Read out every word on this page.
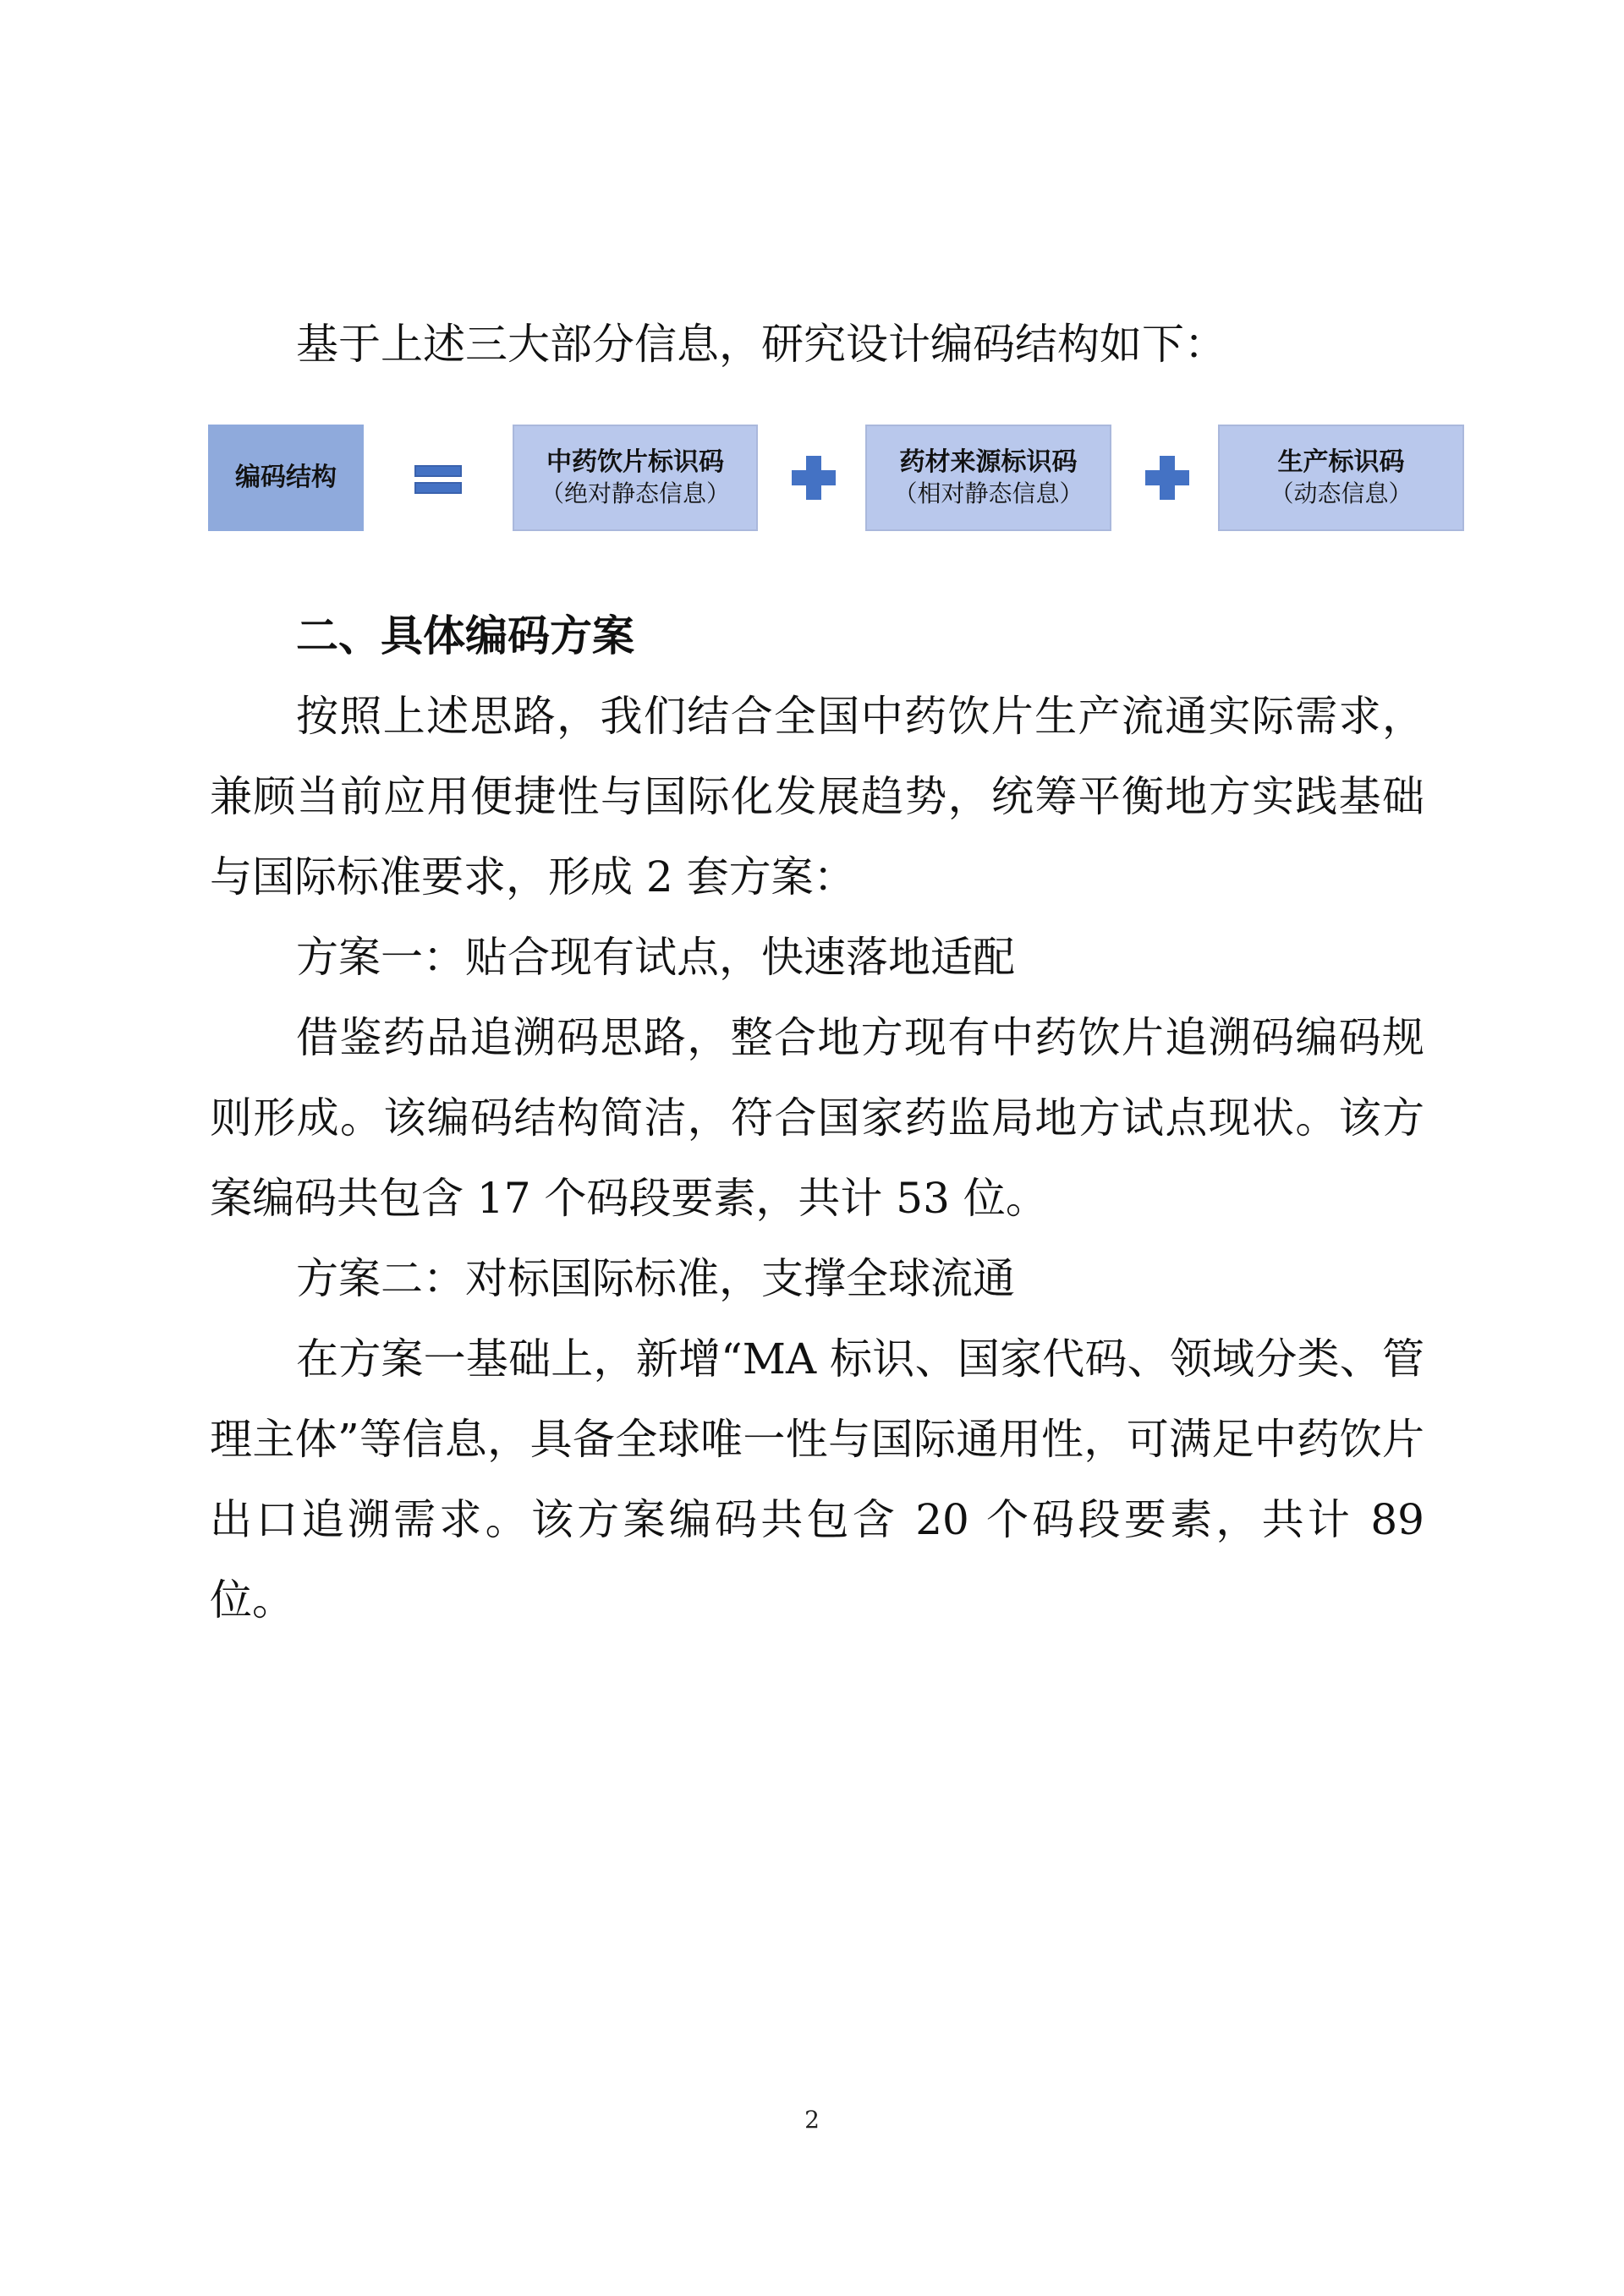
基于上述三大部分信息，研究设计编码结构如下：

编码结构
中药饮片标识码
（绝对静态信息）
药材来源标识码
（相对静态信息）
生产标识码
（动态信息）

二、具体编码方案

按照上述思路，我们结合全国中药饮片生产流通实际需求，兼顾当前应用便捷性与国际化发展趋势，统筹平衡地方实践基础与国际标准要求，形成 2 套方案：

方案一：贴合现有试点，快速落地适配

借鉴药品追溯码思路，整合地方现有中药饮片追溯码编码规则形成。该编码结构简洁，符合国家药监局地方试点现状。该方案编码共包含 17 个码段要素，共计 53 位。

方案二：对标国际标准，支撑全球流通

在方案一基础上，新增“MA 标识、国家代码、领域分类、管理主体”等信息，具备全球唯一性与国际通用性，可满足中药饮片出口追溯需求。该方案编码共包含 20 个码段要素，共计 89 位。

2
